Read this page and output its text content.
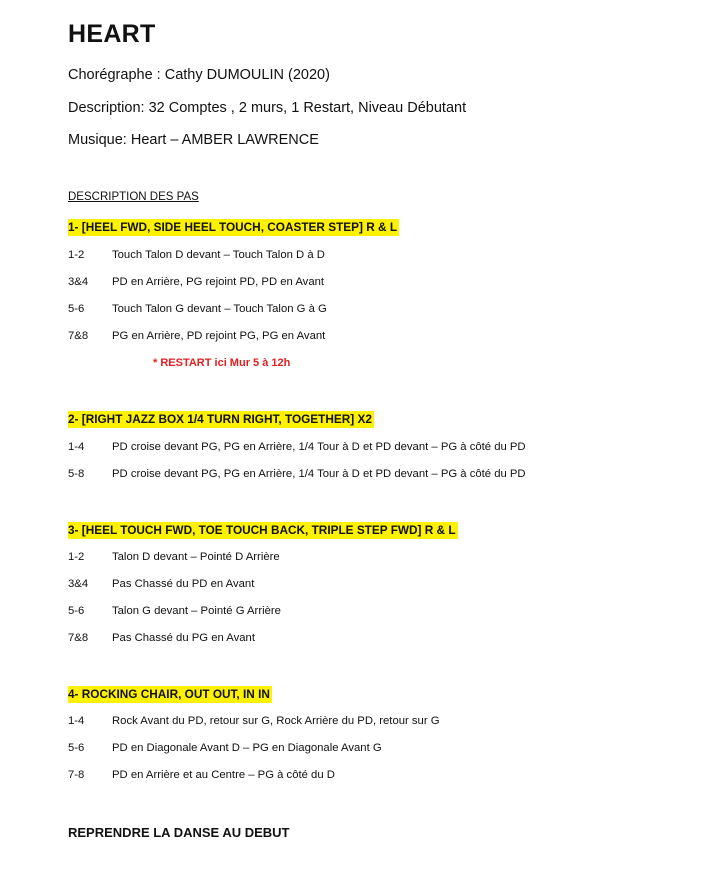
HEART
Chorégraphe : Cathy DUMOULIN (2020)
Description: 32 Comptes , 2 murs, 1 Restart, Niveau Débutant
Musique: Heart – AMBER LAWRENCE
DESCRIPTION DES PAS
1- [HEEL FWD, SIDE HEEL TOUCH, COASTER STEP] R & L
1-2 Touch Talon D devant – Touch Talon D à D
3&4 PD en Arrière, PG rejoint PD, PD en Avant
5-6 Touch Talon G devant – Touch Talon G à G
7&8 PG en Arrière, PD rejoint PG, PG en Avant
* RESTART ici Mur 5 à 12h
2- [RIGHT JAZZ BOX 1/4 TURN RIGHT, TOGETHER] X2
1-4 PD croise devant PG, PG en Arrière, 1/4 Tour à D et PD devant – PG à côté du PD
5-8 PD croise devant PG, PG en Arrière, 1/4 Tour à D et PD devant – PG à côté du PD
3- [HEEL TOUCH FWD, TOE TOUCH BACK, TRIPLE STEP FWD] R & L
1-2 Talon D devant – Pointé D Arrière
3&4 Pas Chassé du PD en Avant
5-6 Talon G devant – Pointé G Arrière
7&8 Pas Chassé du PG en Avant
4- ROCKING CHAIR, OUT OUT, IN IN
1-4 Rock Avant du PD, retour sur G, Rock Arrière du PD, retour sur G
5-6 PD en Diagonale Avant D – PG en Diagonale Avant G
7-8 PD en Arrière et au Centre – PG à côté du D
REPRENDRE LA DANSE AU DEBUT
